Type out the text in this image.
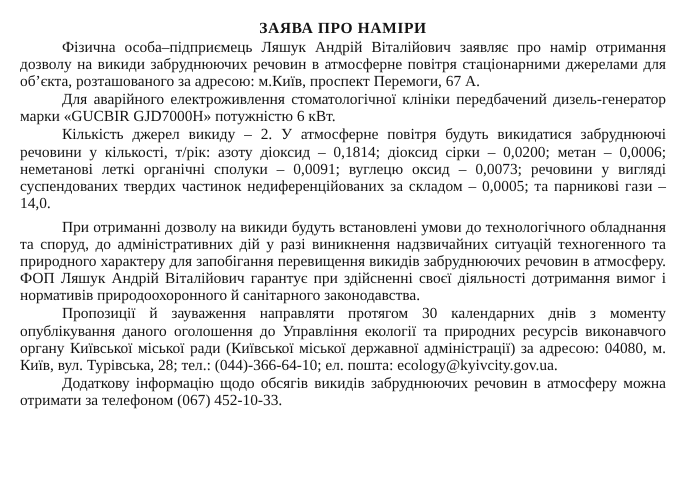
ЗАЯВА ПРО НАМІРИ

Фізична особа–підприємець Ляшук Андрій Віталійович заявляє про намір отримання дозволу на викиди забруднюючих речовин в атмосферне повітря стаціонарними джерелами для об’єкта, розташованого за адресою: м.Київ, проспект Перемоги, 67 А.

Для аварійного електроживлення стоматологічної клініки передбачений дизель-генератор марки «GUCBIR GJD7000H» потужністю 6 кВт.

Кількість джерел викиду – 2. У атмосферне повітря будуть викидатися забруднюючі речовини у кількості, т/рік: азоту діоксид – 0,1814; діоксид сірки – 0,0200; метан – 0,0006; неметанові леткі органічні сполуки – 0,0091; вуглецю оксид – 0,0073; речовини у вигляді суспендованих твердих частинок недиференційованих за складом – 0,0005; та парникові гази – 14,0.

При отриманні дозволу на викиди будуть встановлені умови до технологічного обладнання та споруд, до адміністративних дій у разі виникнення надзвичайних ситуацій техногенного та природного характеру для запобігання перевищення викидів забруднюючих речовин в атмосферу. ФОП Ляшук Андрій Віталійович гарантує при здійсненні своєї діяльності дотримання вимог і нормативів природоохоронного й санітарного законодавства.

Пропозиції й зауваження направляти протягом 30 календарних днів з моменту опублікування даного оголошення до Управління екології та природних ресурсів виконавчого органу Київської міської ради (Київської міської державної адміністрації) за адресою: 04080, м. Київ, вул. Турівська, 28; тел.: (044)-366-64-10; ел. пошта: ecology@kyivcity.gov.ua.

Додаткову інформацію щодо обсягів викидів забруднюючих речовин в атмосферу можна отримати за телефоном (067) 452-10-33.
